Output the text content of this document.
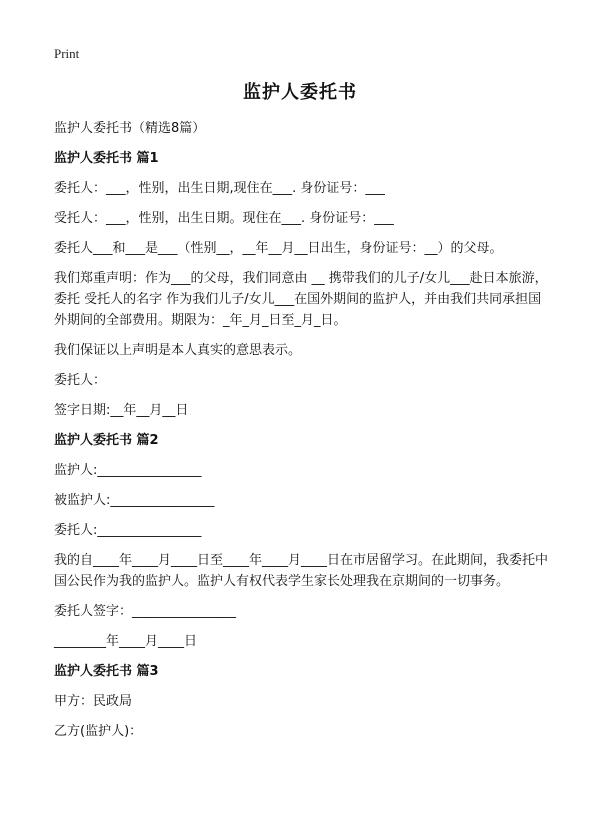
Print
监护人委托书

监护人委托书（精选8篇）

监护人委托书 篇1

委托人：___，性别，出生日期,现住在___. 身份证号：___

受托人：___，性别，出生日期。现住在___. 身份证号：___

委托人___和___是___（性别__，__年__月__日出生，身份证号：__）的父母。

我们郑重声明：作为___的父母，我们同意由 __ 携带我们的儿子/女儿___赴日本旅游，委托 受托人的名字 作为我们儿子/女儿___在国外期间的监护人，并由我们共同承担国外期间的全部费用。期限为：_年_月_日至_月_日。

我们保证以上声明是本人真实的意思表示。

委托人：

签字日期:__年__月__日

监护人委托书 篇2

监护人:________________

被监护人:________________

委托人:________________

我的自____年____月____日至____年____月____日在市居留学习。在此期间，我委托中国公民作为我的监护人。监护人有权代表学生家长处理我在京期间的一切事务。

委托人签字：________________

________年____月____日

监护人委托书 篇3

甲方：民政局

乙方(监护人)：
